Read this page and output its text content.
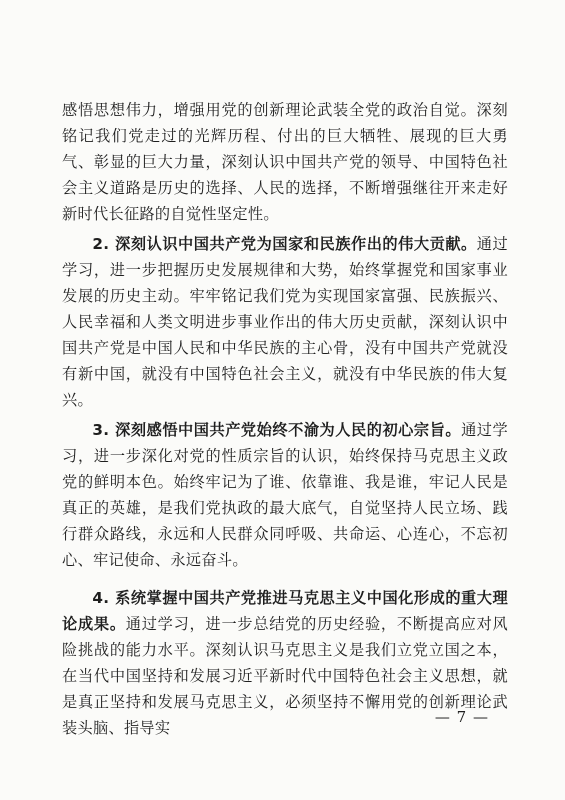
感悟思想伟力，增强用党的创新理论武装全党的政治自觉。深刻铭记我们党走过的光辉历程、付出的巨大牺牲、展现的巨大勇气、彰显的巨大力量，深刻认识中国共产党的领导、中国特色社会主义道路是历史的选择、人民的选择，不断增强继往开来走好新时代长征路的自觉性坚定性。

2. 深刻认识中国共产党为国家和民族作出的伟大贡献。通过学习，进一步把握历史发展规律和大势，始终掌握党和国家事业发展的历史主动。牢牢铭记我们党为实现国家富强、民族振兴、人民幸福和人类文明进步事业作出的伟大历史贡献，深刻认识中国共产党是中国人民和中华民族的主心骨，没有中国共产党就没有新中国，就没有中国特色社会主义，就没有中华民族的伟大复兴。

3. 深刻感悟中国共产党始终不渝为人民的初心宗旨。通过学习，进一步深化对党的性质宗旨的认识，始终保持马克思主义政党的鲜明本色。始终牢记为了谁、依靠谁、我是谁，牢记人民是真正的英雄，是我们党执政的最大底气，自觉坚持人民立场、践行群众路线，永远和人民群众同呼吸、共命运、心连心，不忘初心、牢记使命、永远奋斗。

4. 系统掌握中国共产党推进马克思主义中国化形成的重大理论成果。通过学习，进一步总结党的历史经验，不断提高应对风险挑战的能力水平。深刻认识马克思主义是我们立党立国之本，在当代中国坚持和发展习近平新时代中国特色社会主义思想，就是真正坚持和发展马克思主义，必须坚持不懈用党的创新理论武装头脑、指导实

— 7 —
